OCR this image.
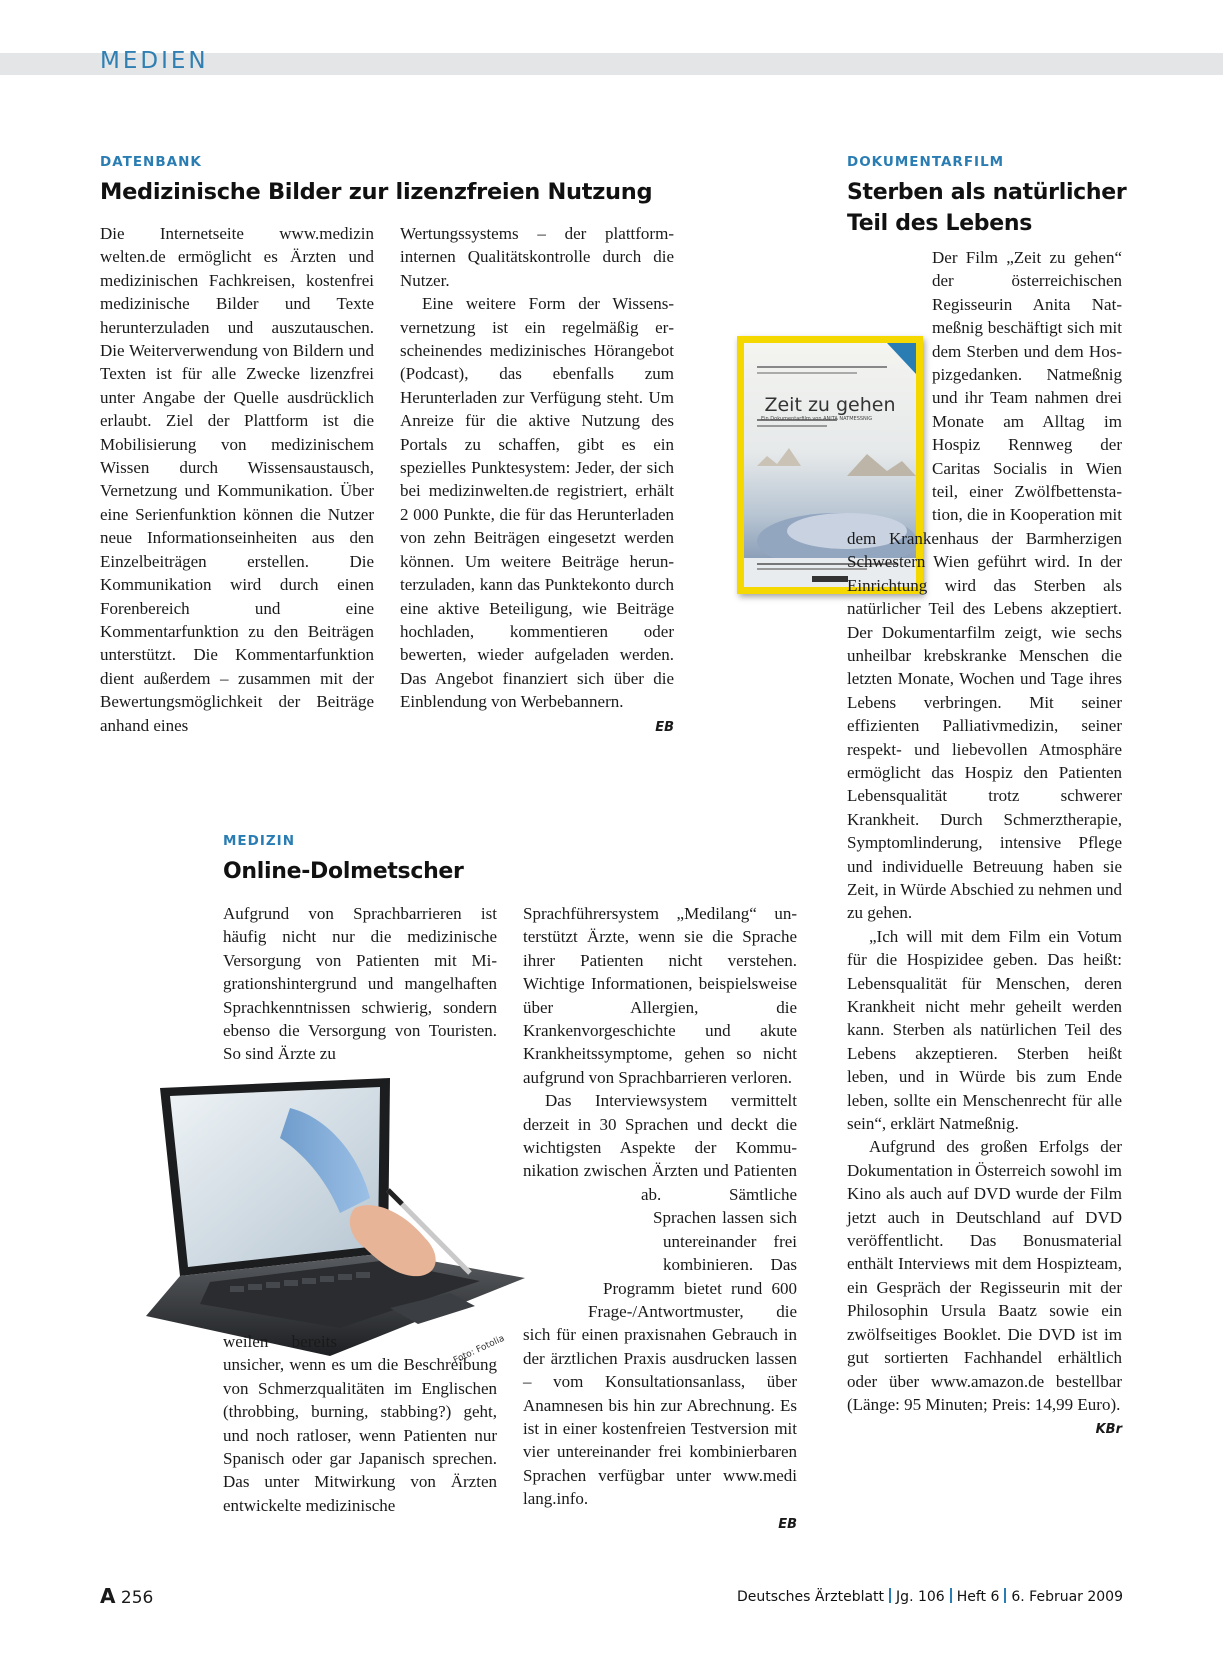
MEDIEN
DATENBANK
Medizinische Bilder zur lizenzfreien Nutzung

Die Internetseite www.medizin welten.de ermöglicht es Ärzten und medizinischen Fachkreisen, kostenfrei medizinische Bilder und Texte herunterzuladen und auszutauschen. Die Weiterverwendung von Bildern und Texten ist für alle Zwecke lizenzfrei unter Angabe der Quelle ausdrücklich erlaubt. Ziel der Plattform ist die Mobilisierung von medizinischem Wissen durch Wissensaustausch, Vernetzung und Kommunikation. Über eine Serienfunktion können die Nutzer neue Informationseinheiten aus den Einzelbeiträgen erstellen. Die Kommunikation wird durch einen Forenbereich und eine Kommentarfunktion zu den Beiträgen unterstützt. Die Kommentarfunktion dient außerdem – zusammen mit der Bewertungsmöglichkeit der Beiträge anhand eines

Wertungssystems – der plattforminternen Qualitätskontrolle durch die Nutzer.

Eine weitere Form der Wissensvernetzung ist ein regelmäßig erscheinendes medizinisches Hörangebot (Podcast), das ebenfalls zum Herunterladen zur Verfügung steht. Um Anreize für die aktive Nutzung des Portals zu schaffen, gibt es ein spezielles Punktesystem: Jeder, der sich bei medizinwelten.de registriert, erhält 2 000 Punkte, die für das Herunterladen von zehn Beiträgen eingesetzt werden können. Um weitere Beiträge herunterzuladen, kann das Punktekonto durch eine aktive Beteiligung, wie Beiträge hochladen, kommentieren oder bewerten, wieder aufgeladen werden. Das Angebot finanziert sich über die Einblendung von Werbebannern.

EB
DOKUMENTARFILM
Sterben als natürlicher Teil des Lebens
Zeit zu gehen
Ein Dokumentarfilm von ANITA NATMESSNIG

Der Film „Zeit zu gehen“ der österreichischen Regisseurin Anita Natmeßnig beschäftigt sich mit dem Sterben und dem Hospizgedanken. Natmeßnig und ihr Team nahmen drei Monate am Alltag im Hospiz Rennweg der Caritas Socialis in Wien teil, einer Zwölfbettenstation, die in Kooperation mit dem Krankenhaus der Barmherzigen Schwestern Wien geführt wird. In der Einrichtung wird das Sterben als natürlicher Teil des Lebens akzeptiert. Der Dokumentarfilm zeigt, wie sechs unheilbar krebskranke Menschen die letzten Monate, Wochen und Tage ihres Lebens verbringen. Mit seiner effizienten Palliativmedizin, seiner respekt- und liebevollen Atmosphäre ermöglicht das Hospiz den Patienten Lebensqualität trotz schwerer Krankheit. Durch Schmerztherapie, Symptomlinderung, intensive Pflege und individuelle Betreuung haben sie Zeit, in Würde Abschied zu nehmen und zu gehen.

„Ich will mit dem Film ein Votum für die Hospizidee geben. Das heißt: Lebensqualität für Menschen, deren Krankheit nicht mehr geheilt werden kann. Sterben als natürlichen Teil des Lebens akzeptieren. Sterben heißt leben, und in Würde bis zum Ende leben, sollte ein Menschenrecht für alle sein“, erklärt Natmeßnig.

Aufgrund des großen Erfolgs der Dokumentation in Österreich sowohl im Kino als auch auf DVD wurde der Film jetzt auch in Deutschland auf DVD veröffentlicht. Das Bonusmaterial enthält Interviews mit dem Hospizteam, ein Gespräch der Regisseurin mit der Philosophin Ursula Baatz sowie ein zwölfseitiges Booklet. Die DVD ist im gut sortierten Fachhandel erhältlich oder über www.amazon.de bestellbar (Länge: 95 Minuten; Preis: 14,99 Euro).

KBr
MEDIZIN
Online-Dolmetscher

Aufgrund von Sprachbarrieren ist häufig nicht nur die medizinische Versorgung von Patienten mit Migrationshintergrund und mangelhaften Sprachkenntnissen schwierig, sondern ebenso die Versorgung von Touristen. So sind Ärzte zu

Foto: Fotolia

weilen bereits unsicher, wenn es um die Beschreibung von Schmerzqualitäten im Englischen (throbbing, burning, stabbing?) geht, und noch ratloser, wenn Patienten nur Spanisch oder gar Japanisch sprechen. Das unter Mitwirkung von Ärzten entwickelte medizinische

Sprachführersystem „Medilang“ unterstützt Ärzte, wenn sie die Sprache ihrer Patienten nicht verstehen. Wichtige Informationen, beispielsweise über Allergien, die Krankenvorgeschichte und akute Krankheitssymptome, gehen so nicht aufgrund von Sprachbarrieren verloren.

Das Interviewsystem vermittelt derzeit in 30 Sprachen und deckt die wichtigsten Aspekte der Kommunikation zwischen Ärzten und Patienten ab. Sämtliche Sprachen lassen sich untereinander frei kombinieren. Das Programm bietet rund 600 Frage-/Antwortmuster, die sich für einen praxisnahen Gebrauch in der ärztlichen Praxis ausdrucken lassen – vom Konsultationsanlass, über Anamnesen bis hin zur Abrechnung. Es ist in einer kostenfreien Testversion mit vier untereinander frei kombinierbaren Sprachen verfügbar unter www.medi lang.info.

EB
A 256	Deutsches Ärzteblatt Jg. 106 Heft 6 6. Februar 2009
